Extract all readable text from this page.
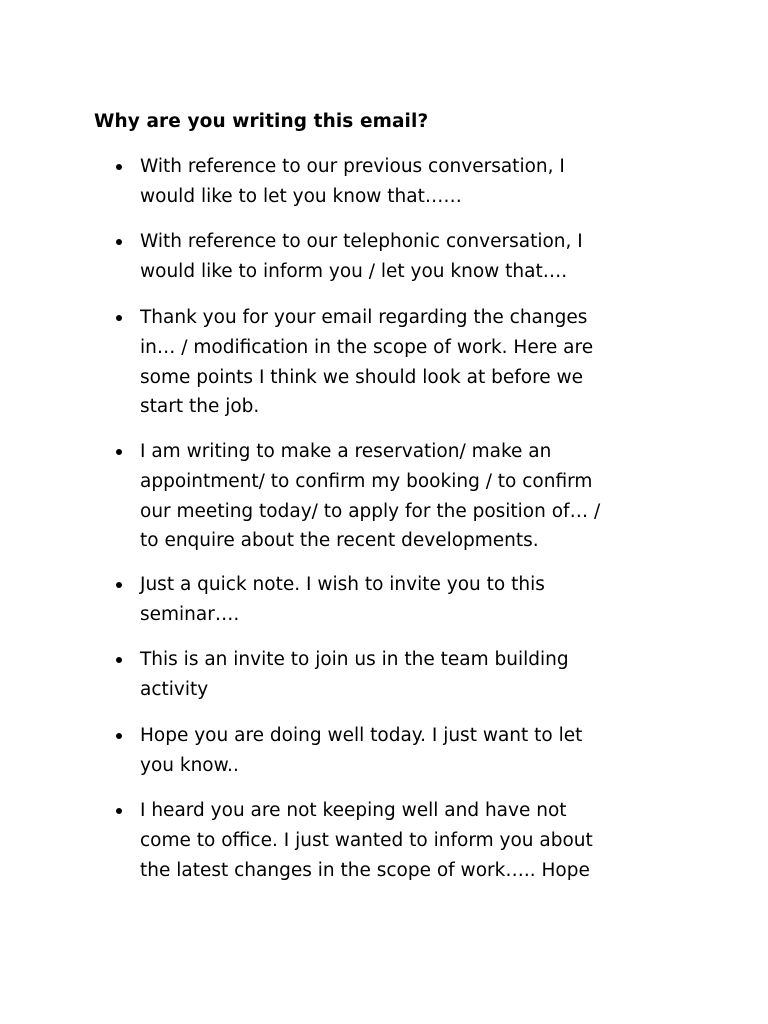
Why are you writing this email?
With reference to our previous conversation, I
would like to let you know that……
With reference to our telephonic conversation, I
would like to inform you / let you know that….
Thank you for your email regarding the changes
in… / modification in the scope of work. Here are
some points I think we should look at before we
start the job.
I am writing to make a reservation/ make an
appointment/ to confirm my booking / to confirm
our meeting today/ to apply for the position of… /
to enquire about the recent developments.
Just a quick note. I wish to invite you to this
seminar….
This is an invite to join us in the team building
activity
Hope you are doing well today. I just want to let
you know..
I heard you are not keeping well and have not
come to office. I just wanted to inform you about
the latest changes in the scope of work….. Hope
